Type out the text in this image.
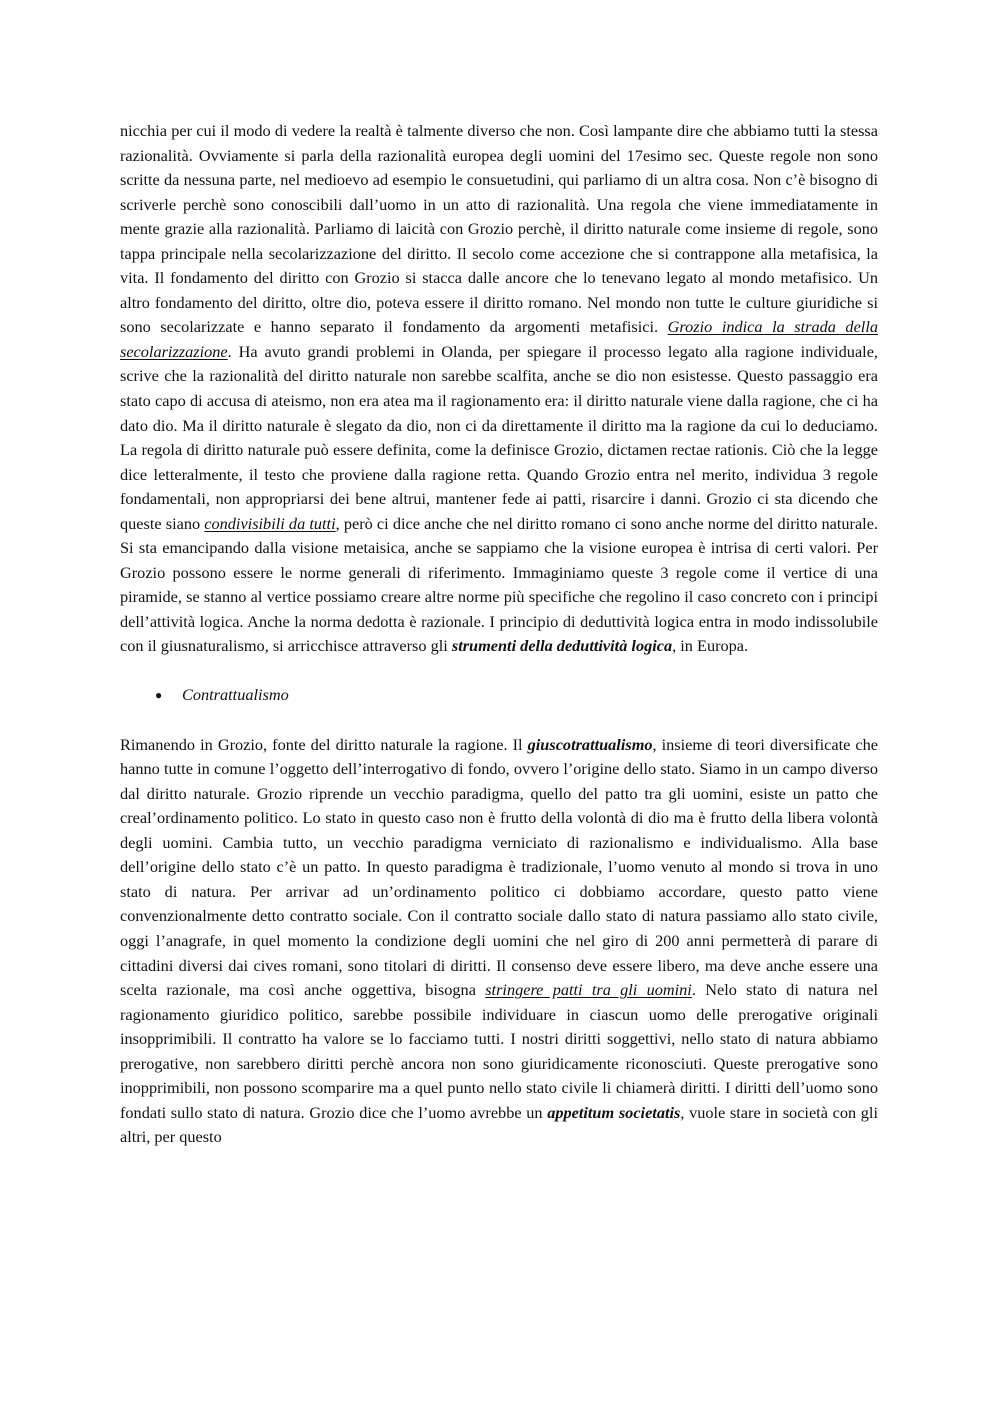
nicchia per cui il modo di vedere la realtà è talmente diverso che non. Così lampante dire che abbiamo tutti la stessa razionalità. Ovviamente si parla della razionalità europea degli uomini del 17esimo sec. Queste regole non sono scritte da nessuna parte, nel medioevo ad esempio le consuetudini, qui parliamo di un altra cosa. Non c’è bisogno di scriverle perchè sono conoscibili dall’uomo in un atto di razionalità. Una regola che viene immediatamente in mente grazie alla razionalità. Parliamo di laicità con Grozio perchè, il diritto naturale come insieme di regole, sono tappa principale nella secolarizzazione del diritto. Il secolo come accezione che si contrappone alla metafisica, la vita. Il fondamento del diritto con Grozio si stacca dalle ancore che lo tenevano legato al mondo metafisico. Un altro fondamento del diritto, oltre dio, poteva essere il diritto romano. Nel mondo non tutte le culture giuridiche si sono secolarizzate e hanno separato il fondamento da argomenti metafisici. Grozio indica la strada della secolarizzazione. Ha avuto grandi problemi in Olanda, per spiegare il processo legato alla ragione individuale, scrive che la razionalità del diritto naturale non sarebbe scalfita, anche se dio non esistesse. Questo passaggio era stato capo di accusa di ateismo, non era atea ma il ragionamento era: il diritto naturale viene dalla ragione, che ci ha dato dio. Ma il diritto naturale è slegato da dio, non ci da direttamente il diritto ma la ragione da cui lo deduciamo. La regola di diritto naturale può essere definita, come la definisce Grozio, dictamen rectae rationis. Ciò che la legge dice letteralmente, il testo che proviene dalla ragione retta. Quando Grozio entra nel merito, individua 3 regole fondamentali, non appropriarsi dei bene altrui, mantener fede ai patti, risarcire i danni. Grozio ci sta dicendo che queste siano condivisibili da tutti, però ci dice anche che nel diritto romano ci sono anche norme del diritto naturale. Si sta emancipando dalla visione metaisica, anche se sappiamo che la visione europea è intrisa di certi valori. Per Grozio possono essere le norme generali di riferimento. Immaginiamo queste 3 regole come il vertice di una piramide, se stanno al vertice possiamo creare altre norme più specifiche che regolino il caso concreto con i principi dell’attività logica. Anche la norma dedotta è razionale. I principio di deduttività logica entra in modo indissolubile con il giusnaturalismo, si arricchisce attraverso gli strumenti della deduttività logica, in Europa.

● Contrattualismo

Rimanendo in Grozio, fonte del diritto naturale la ragione. Il giuscotrattualismo, insieme di teori diversificate che hanno tutte in comune l’oggetto dell’interrogativo di fondo, ovvero l’origine dello stato. Siamo in un campo diverso dal diritto naturale. Grozio riprende un vecchio paradigma, quello del patto tra gli uomini, esiste un patto che creal’ordinamento politico. Lo stato in questo caso non è frutto della volontà di dio ma è frutto della libera volontà degli uomini. Cambia tutto, un vecchio paradigma verniciato di razionalismo e individualismo. Alla base dell’origine dello stato c’è un patto. In questo paradigma è tradizionale, l’uomo venuto al mondo si trova in uno stato di natura. Per arrivar ad un’ordinamento politico ci dobbiamo accordare, questo patto viene convenzionalmente detto contratto sociale. Con il contratto sociale dallo stato di natura passiamo allo stato civile, oggi l’anagrafe, in quel momento la condizione degli uomini che nel giro di 200 anni permetterà di parare di cittadini diversi dai cives romani, sono titolari di diritti. Il consenso deve essere libero, ma deve anche essere una scelta razionale, ma così anche oggettiva, bisogna stringere patti tra gli uomini. Nelo stato di natura nel ragionamento giuridico politico, sarebbe possibile individuare in ciascun uomo delle prerogative originali insopprimibili. Il contratto ha valore se lo facciamo tutti. I nostri diritti soggettivi, nello stato di natura abbiamo prerogative, non sarebbero diritti perchè ancora non sono giuridicamente riconosciuti. Queste prerogative sono inopprimibili, non possono scomparire ma a quel punto nello stato civile li chiamerà diritti. I diritti dell’uomo sono fondati sullo stato di natura. Grozio dice che l’uomo avrebbe un appetitum societatis, vuole stare in società con gli altri, per questo
